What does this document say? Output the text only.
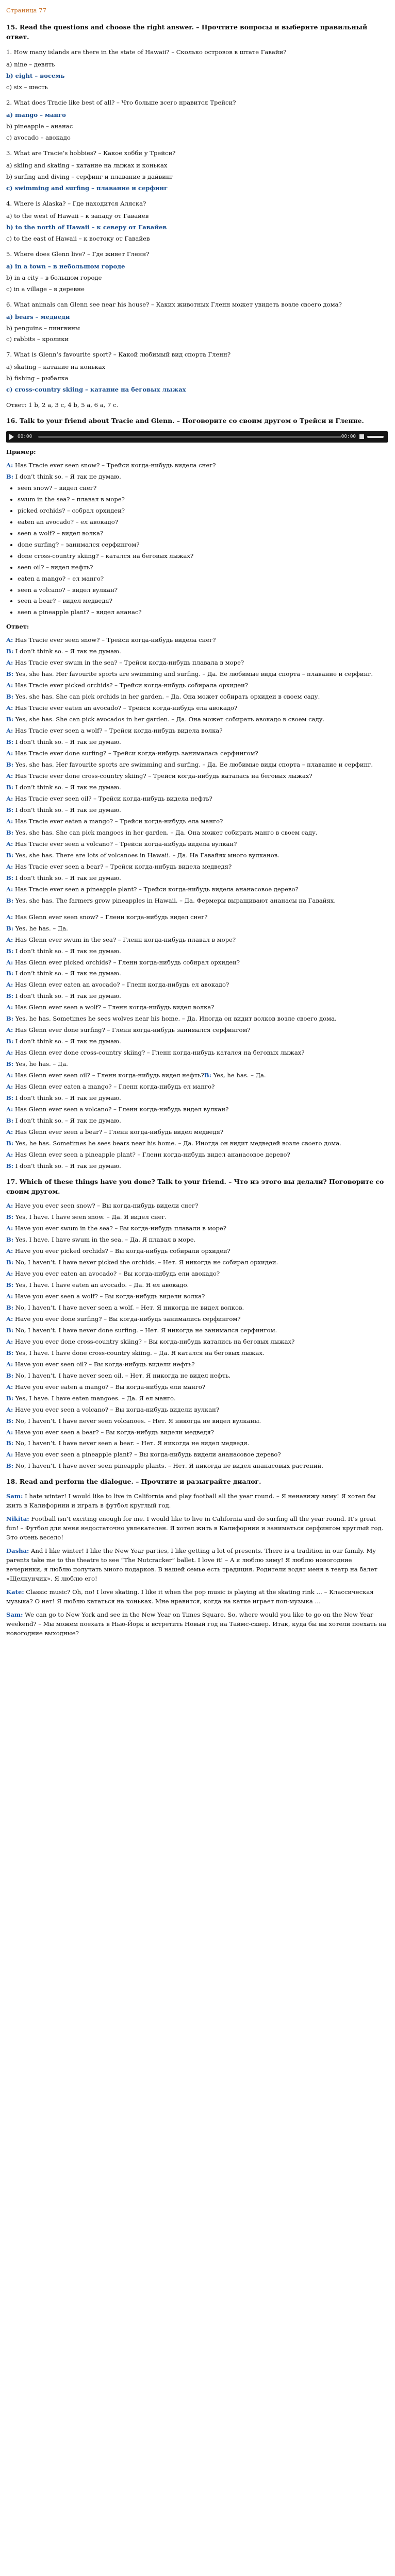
Страница 77
15. Read the questions and choose the right answer. – Прочтите вопросы и выберите правильный ответ.

1. How many islands are there in the state of Hawaii? – Сколько островов в штате Гавайи?

a) nine – девять

b) eight – восемь

c) six – шесть

2. What does Tracie like best of all? – Что больше всего нравится Трейси?

a) mango – манго

b) pineapple – ананас

c) avocado – авокадо

3. What are Tracie’s hobbies? – Какое хобби у Трейси?

a) skiing and skating – катание на лыжах и коньках

b) surfing and diving – серфинг и плавание в дайвинг

c) swimming and surfing – плавание и серфинг

4. Where is Alaska? – Где находится Аляска?

a) to the west of Hawaii – к западу от Гавайев

b) to the north of Hawaii – к северу от Гавайев

c) to the east of Hawaii – к востоку от Гавайев

5. Where does Glenn live? – Где живет Гленн?

a) in a town – в небольшом городе

b) in a city – в большом городе

c) in a village – в деревне

6. What animals can Glenn see near his house? – Каких животных Гленн может увидеть возле своего дома?

a) bears – медведи

b) penguins – пингвины

c) rabbits – кролики

7. What is Glenn’s favourite sport? – Какой любимый вид спорта Гленн?

a) skating – катание на коньках

b) fishing – рыбалка

c) cross-country skiing – катание на беговых лыжах

Ответ: 1 b, 2 a, 3 c, 4 b, 5 a, 6 a, 7 c.

16. Talk to your friend about Tracie and Glenn. – Поговорите со своим другом о Трейси и Гленне.
00:00	00:00

Пример:

A: Has Tracie ever seen snow? – Трейси когда-нибудь видела снег?

B: I don’t think so. – Я так не думаю.

• seen snow? – видел снег?
• swum in the sea? – плавал в море?
• picked orchids? – собрал орхидеи?
• eaten an avocado? – ел авокадо?
• seen a wolf? – видел волка?
• done surfing? – занимался серфингом?
• done cross-country skiing? – катался на беговых лыжах?
• seen oil? – видел нефть?
• eaten a mango? – ел манго?
• seen a volcano? – видел вулкан?
• seen a bear? – видел медведя?
• seen a pineapple plant? – видел ананас?

Ответ:

A: Has Tracie ever seen snow? – Трейси когда-нибудь видела снег?

B: I don’t think so. – Я так не думаю.

A: Has Tracie ever swum in the sea? – Трейси когда-нибудь плавала в море?

B: Yes, she has. Her favourite sports are swimming and surfing. – Да. Ее любимые виды спорта – плавание и серфинг.

A: Has Tracie ever picked orchids? – Трейси когда-нибудь собирала орхидеи?

B: Yes, she has. She can pick orchids in her garden. – Да. Она может собирать орхидеи в своем саду.

A: Has Tracie ever eaten an avocado? – Трейси когда-нибудь ела авокадо?

B: Yes, she has. She can pick avocados in her garden. – Да. Она может собирать авокадо в своем саду.

A: Has Tracie ever seen a wolf? – Трейси когда-нибудь видела волка?

B: I don’t think so. – Я так не думаю.

A: Has Tracie ever done surfing? – Трейси когда-нибудь занималась серфингом?

B: Yes, she has. Her favourite sports are swimming and surfing. – Да. Ее любимые виды спорта – плавание и серфинг.

A: Has Tracie ever done cross-country skiing? – Трейси когда-нибудь каталась на беговых лыжах?

B: I don’t think so. – Я так не думаю.

A: Has Tracie ever seen oil? – Трейси когда-нибудь видела нефть?

B: I don’t think so. – Я так не думаю.

A: Has Tracie ever eaten a mango? – Трейси когда-нибудь ела манго?

B: Yes, she has. She can pick mangoes in her garden. – Да. Она может собирать манго в своем саду.

A: Has Tracie ever seen a volcano? – Трейси когда-нибудь видела вулкан?

B: Yes, she has. There are lots of volcanoes in Hawaii. – Да. На Гавайях много вулканов.

A: Has Tracie ever seen a bear? – Трейси когда-нибудь видела медведя?

B: I don’t think so. – Я так не думаю.

A: Has Tracie ever seen a pineapple plant? – Трейси когда-нибудь видела ананасовое дерево?

B: Yes, she has. The farmers grow pineapples in Hawaii. – Да. Фермеры выращивают ананасы на Гавайях.

A: Has Glenn ever seen snow? – Гленн когда-нибудь видел снег?

B: Yes, he has. – Да.

A: Has Glenn ever swum in the sea? – Гленн когда-нибудь плавал в море?

B: I don’t think so. – Я так не думаю.

A: Has Glenn ever picked orchids? – Гленн когда-нибудь собирал орхидеи?

B: I don’t think so. – Я так не думаю.

A: Has Glenn ever eaten an avocado? – Гленн когда-нибудь ел авокадо?

B: I don’t think so. – Я так не думаю.

A: Has Glenn ever seen a wolf? – Гленн когда-нибудь видел волка?

B: Yes, he has. Sometimes he sees wolves near his home. – Да. Иногда он видит волков возле своего дома.

A: Has Glenn ever done surfing? – Гленн когда-нибудь занимался серфингом?

B: I don’t think so. – Я так не думаю.

A: Has Glenn ever done cross-country skiing? – Гленн когда-нибудь катался на беговых лыжах?

B: Yes, he has. – Да.

A: Has Glenn ever seen oil? – Гленн когда-нибудь видел нефть?B: Yes, he has. – Да.

A: Has Glenn ever eaten a mango? – Гленн когда-нибудь ел манго?

B: I don’t think so. – Я так не думаю.

A: Has Glenn ever seen a volcano? – Гленн когда-нибудь видел вулкан?

B: I don’t think so. – Я так не думаю.

A: Has Glenn ever seen a bear? – Гленн когда-нибудь видел медведя?

B: Yes, he has. Sometimes he sees bears near his home. – Да. Иногда он видит медведей возле своего дома.

A: Has Glenn ever seen a pineapple plant? – Гленн когда-нибудь видел ананасовое дерево?

B: I don’t think so. – Я так не думаю.

17. Which of these things have you done? Talk to your friend. – Что из этого вы делали? Поговорите со своим другом.

A: Have you ever seen snow? – Вы когда-нибудь видели снег?

B: Yes, I have. I have seen snow. – Да. Я видел снег.

A: Have you ever swum in the sea? – Вы когда-нибудь плавали в море?

B: Yes, I have. I have swum in the sea. – Да. Я плавал в море.

A: Have you ever picked orchids? – Вы когда-нибудь собирали орхидеи?

B: No, I haven’t. I have never picked the orchids. – Нет. Я никогда не собирал орхидеи.

A: Have you ever eaten an avocado? – Вы когда-нибудь ели авокадо?

B: Yes, I have. I have eaten an avocado. – Да. Я ел авокадо.

A: Have you ever seen a wolf? – Вы когда-нибудь видели волка?

B: No, I haven’t. I have never seen a wolf. – Нет. Я никогда не видел волков.

A: Have you ever done surfing? – Вы когда-нибудь занимались серфингом?

B: No, I haven’t. I have never done surfing. – Нет. Я никогда не занимался серфингом.

A: Have you ever done cross-country skiing? – Вы когда-нибудь катались на беговых лыжах?

B: Yes, I have. I have done cross-country skiing. – Да. Я катался на беговых лыжах.

A: Have you ever seen oil? – Вы когда-нибудь видели нефть?

B: No, I haven’t. I have never seen oil. – Нет. Я никогда не видел нефть.

A: Have you ever eaten a mango? – Вы когда-нибудь ели манго?

B: Yes, I have. I have eaten mangoes. – Да. Я ел манго.

A: Have you ever seen a volcano? – Вы когда-нибудь видели вулкан?

B: No, I haven’t. I have never seen volcanoes. – Нет. Я никогда не видел вулканы.

A: Have you ever seen a bear? – Вы когда-нибудь видели медведя?

B: No, I haven’t. I have never seen a bear. – Нет. Я никогда не видел медведя.

A: Have you ever seen a pineapple plant? – Вы когда-нибудь видели ананасовое дерево?

B: No, I haven’t. I have never seen pineapple plants. – Нет. Я никогда не видел ананасовых растений.

18. Read and perform the dialogue. – Прочтите и разыграйте диалог.

Sam: I hate winter! I would like to live in California and play football all the year round. – Я ненавижу зиму! Я хотел бы жить в Калифорнии и играть в футбол круглый год.

Nikita: Football isn’t exciting enough for me. I would like to live in California and do surfing all the year round. It’s great fun! – Футбол для меня недостаточно увлекателен. Я хотел жить в Калифорнии и заниматься серфингом круглый год. Это очень весело!

Dasha: And I like winter! I like the New Year parties, I like getting a lot of presents. There is a tradition in our family. My parents take me to the theatre to see “The Nutcracker” ballet. I love it! – А я люблю зиму! Я люблю новогодние вечеринки, я люблю получать много подарков. В нашей семье есть традиция. Родители водят меня в театр на балет «Щелкунчик». Я люблю его!

Kate: Classic music? Oh, no! I love skating. I like it when the pop music is playing at the skating rink … – Классическая музыка? О нет! Я люблю кататься на коньках. Мне нравится, когда на катке играет поп-музыка …

Sam: We can go to New York and see in the New Year on Times Square. So, where would you like to go on the New Year weekend? – Мы можем поехать в Нью-Йорк и встретить Новый год на Таймс-сквер. Итак, куда бы вы хотели поехать на новогодние выходные?
